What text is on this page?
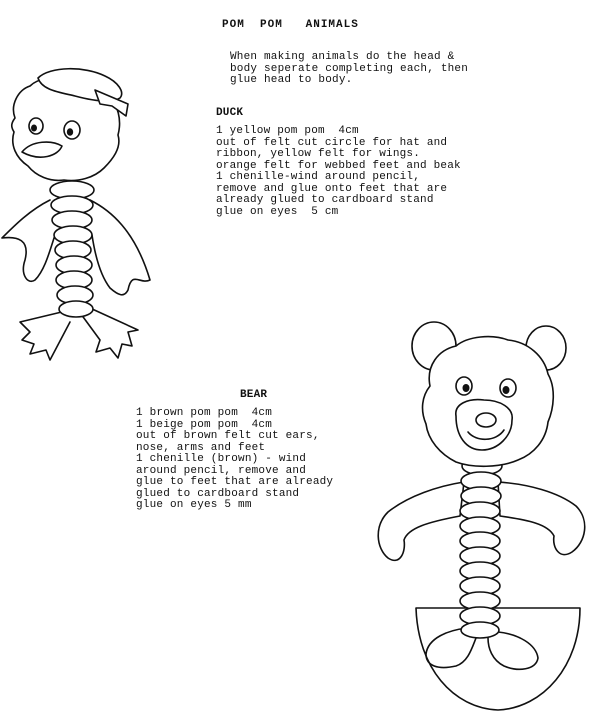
POM  POM   ANIMALS

When making animals do the head &
body seperate completing each, then
glue head to body.

DUCK

1 yellow pom pom  4cm
out of felt cut circle for hat and
ribbon, yellow felt for wings.
orange felt for webbed feet and beak
1 chenille-wind around pencil,
remove and glue onto feet that are
already glued to cardboard stand
glue on eyes  5 cm

BEAR

1 brown pom pom  4cm
1 beige pom pom  4cm
out of brown felt cut ears,
nose, arms and feet
1 chenille (brown) - wind
around pencil, remove and
glue to feet that are already
glued to cardboard stand
glue on eyes 5 mm
